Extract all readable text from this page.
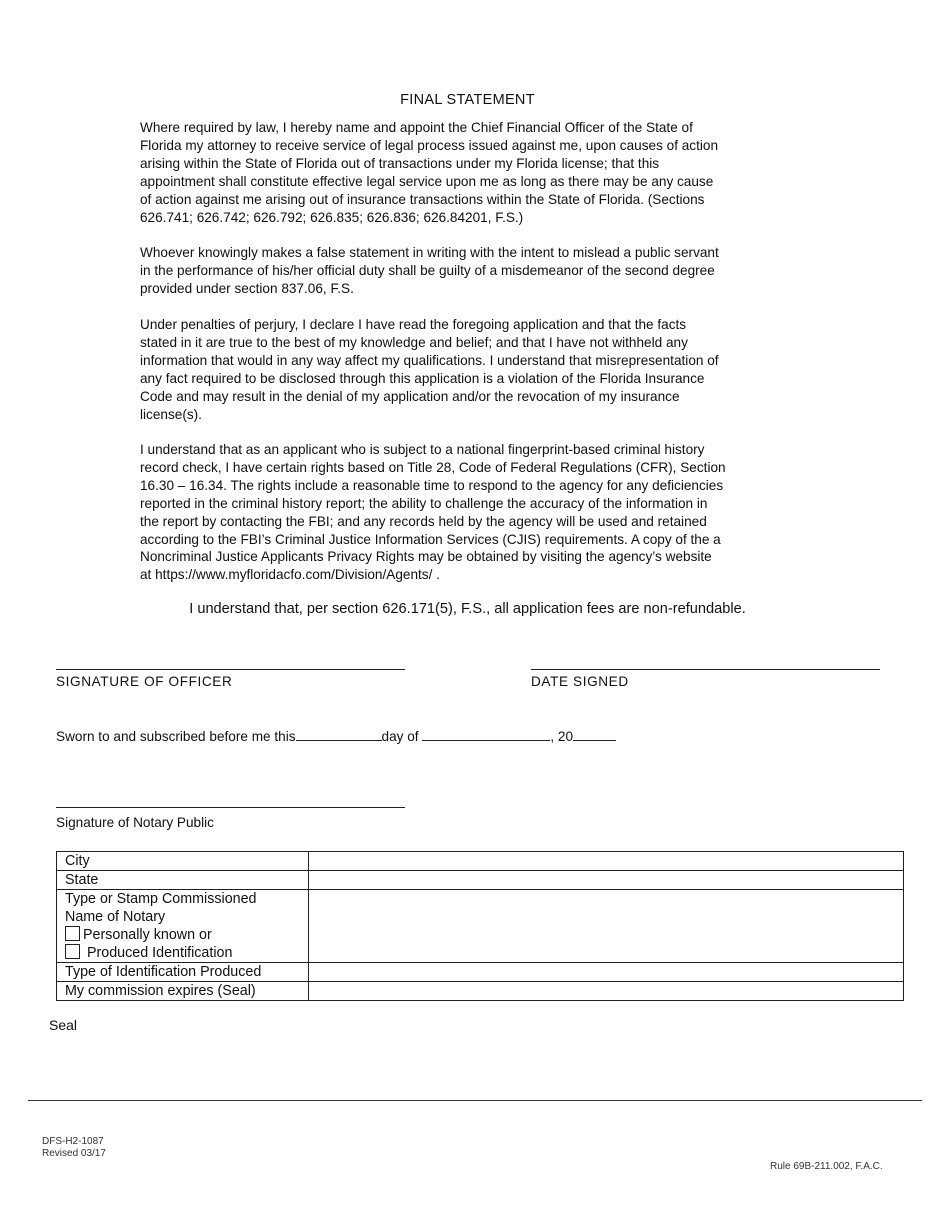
FINAL STATEMENT
Where required by law, I hereby name and appoint the Chief Financial Officer of the State of
Florida my attorney to receive service of legal process issued against me, upon causes of action
arising within the State of Florida out of transactions under my Florida license; that this
appointment shall constitute effective legal service upon me as long as there may be any cause
of action against me arising out of insurance transactions within the State of Florida. (Sections
626.741; 626.742; 626.792; 626.835; 626.836; 626.84201, F.S.)
Whoever knowingly makes a false statement in writing with the intent to mislead a public servant
in the performance of his/her official duty shall be guilty of a misdemeanor of the second degree
provided under section 837.06, F.S.
Under penalties of perjury, I declare I have read the foregoing application and that the facts
stated in it are true to the best of my knowledge and belief; and that I have not withheld any
information that would in any way affect my qualifications. I understand that misrepresentation of
any fact required to be disclosed through this application is a violation of the Florida Insurance
Code and may result in the denial of my application and/or the revocation of my insurance
license(s).
I understand that as an applicant who is subject to a national fingerprint-based criminal history
record check, I have certain rights based on Title 28, Code of Federal Regulations (CFR), Section
16.30 – 16.34. The rights include a reasonable time to respond to the agency for any deficiencies
reported in the criminal history report; the ability to challenge the accuracy of the information in
the report by contacting the FBI; and any records held by the agency will be used and retained
according to the FBI’s Criminal Justice Information Services (CJIS) requirements. A copy of the a
Noncriminal Justice Applicants Privacy Rights may be obtained by visiting the agency’s website
at https://www.myfloridacfo.com/Division/Agents/ .
I understand that, per section 626.171(5), F.S., all application fees are non-refundable.
SIGNATURE OF OFFICER	DATE SIGNED
Sworn to and subscribed before me this	day of	, 20
Signature of Notary Public
City	
State	

Type or Stamp Commissioned
Name of Notary
Personally known or
Produced Identification	

Type of Identification Produced	
My commission expires (Seal)	
Seal
DFS-H2-1087
Revised 03/17
Rule 69B-211.002, F.A.C.
